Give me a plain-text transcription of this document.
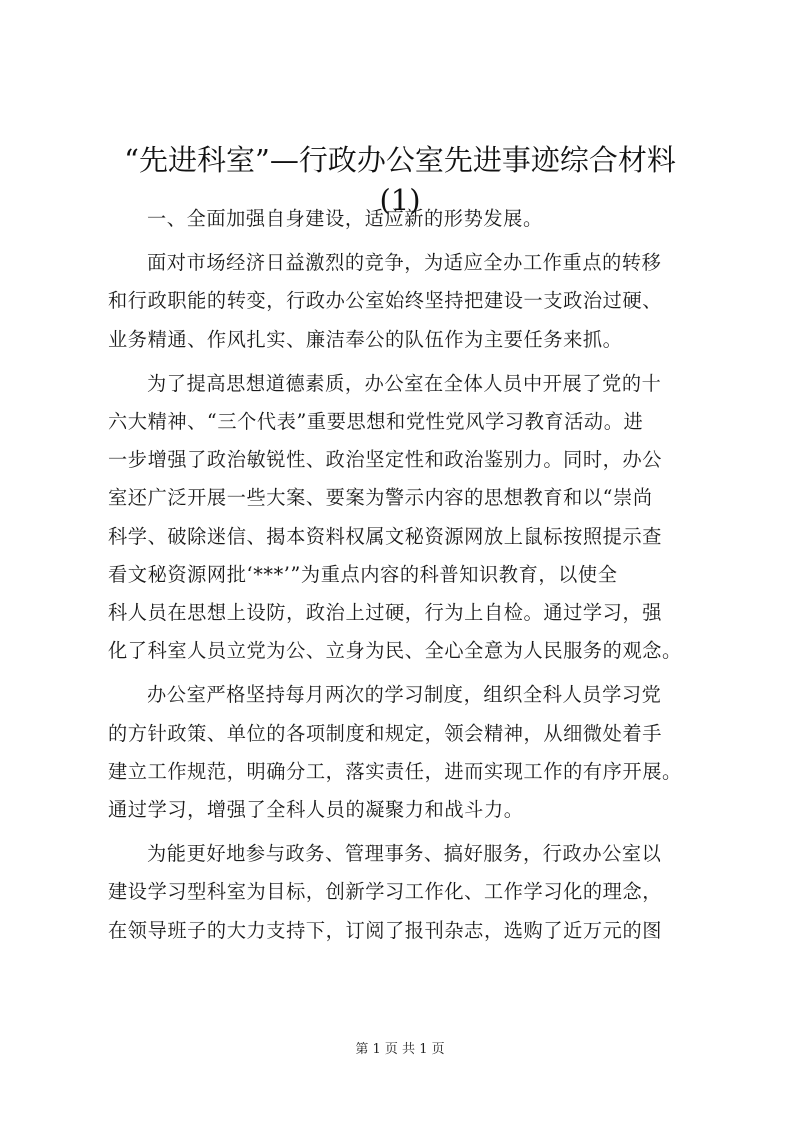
“先进科室”—行政办公室先进事迹综合材料
(1)

一、全面加强自身建设，适应新的形势发展。

面对市场经济日益激烈的竞争，为适应全办工作重点的转移
和行政职能的转变，行政办公室始终坚持把建设一支政治过硬、
业务精通、作风扎实、廉洁奉公的队伍作为主要任务来抓。

为了提高思想道德素质，办公室在全体人员中开展了党的十
六大精神、“三个代表”重要思想和党性党风学习教育活动。进
一步增强了政治敏锐性、政治坚定性和政治鉴别力。同时，办公
室还广泛开展一些大案、要案为警示内容的思想教育和以“崇尚
科学、破除迷信、揭本资料权属文秘资源网放上鼠标按照提示查
看文秘资源网批‘***’”为重点内容的科普知识教育，以使全
科人员在思想上设防，政治上过硬，行为上自检。通过学习，强
化了科室人员立党为公、立身为民、全心全意为人民服务的观念。

办公室严格坚持每月两次的学习制度，组织全科人员学习党
的方针政策、单位的各项制度和规定，领会精神，从细微处着手
建立工作规范，明确分工，落实责任，进而实现工作的有序开展。
通过学习，增强了全科人员的凝聚力和战斗力。

为能更好地参与政务、管理事务、搞好服务，行政办公室以
建设学习型科室为目标，创新学习工作化、工作学习化的理念，
在领导班子的大力支持下，订阅了报刊杂志，选购了近万元的图

第 1 页 共 1 页
